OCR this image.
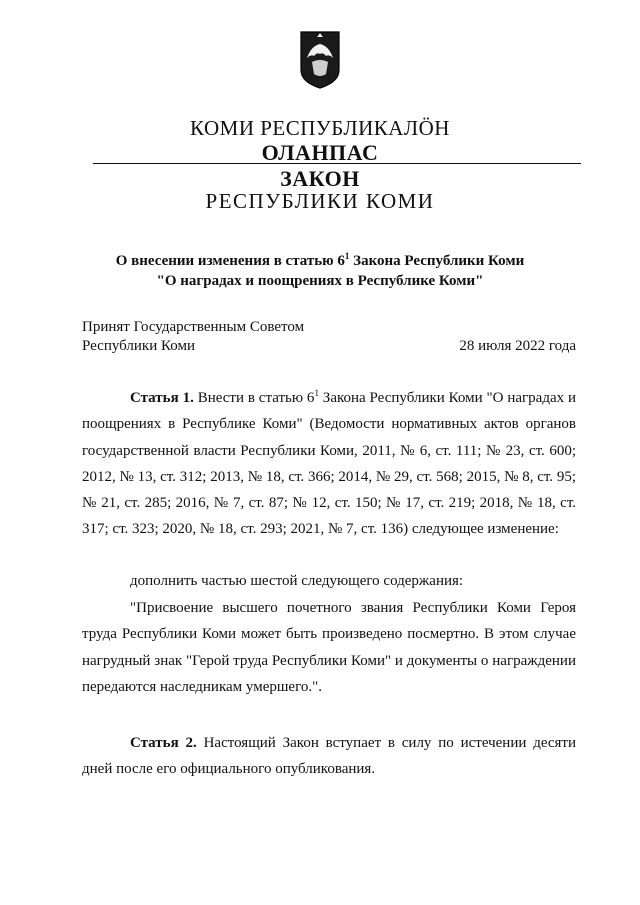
КОМИ РЕСПУБЛИКАЛӦН
ОЛАНПАС
ЗАКОН
РЕСПУБЛИКИ КОМИ
О внесении изменения в статью $6^1$ Закона Республики Коми
"О наградах и поощрениях в Республике Коми"
Принят Государственным Советом
Республики Коми	28 июля 2022 года
Статья 1. Внести в статью $6^1$ Закона Республики Коми "О наградах и поощрениях в Республике Коми" (Ведомости нормативных актов органов государственной власти Республики Коми, 2011, № 6, ст. 111; № 23, ст. 600; 2012, № 13, ст. 312; 2013, № 18, ст. 366; 2014, № 29, ст. 568; 2015, № 8, ст. 95; № 21, ст. 285; 2016, № 7, ст. 87; № 12, ст. 150; № 17, ст. 219; 2018, № 18, ст. 317; ст. 323; 2020, № 18, ст. 293; 2021, № 7, ст. 136) следующее изменение:
дополнить частью шестой следующего содержания:
"Присвоение высшего почетного звания Республики Коми Героя труда Республики Коми может быть произведено посмертно. В этом случае нагрудный знак "Герой труда Республики Коми" и документы о награждении передаются наследникам умершего.".
Статья 2. Настоящий Закон вступает в силу по истечении десяти дней после его официального опубликования.
